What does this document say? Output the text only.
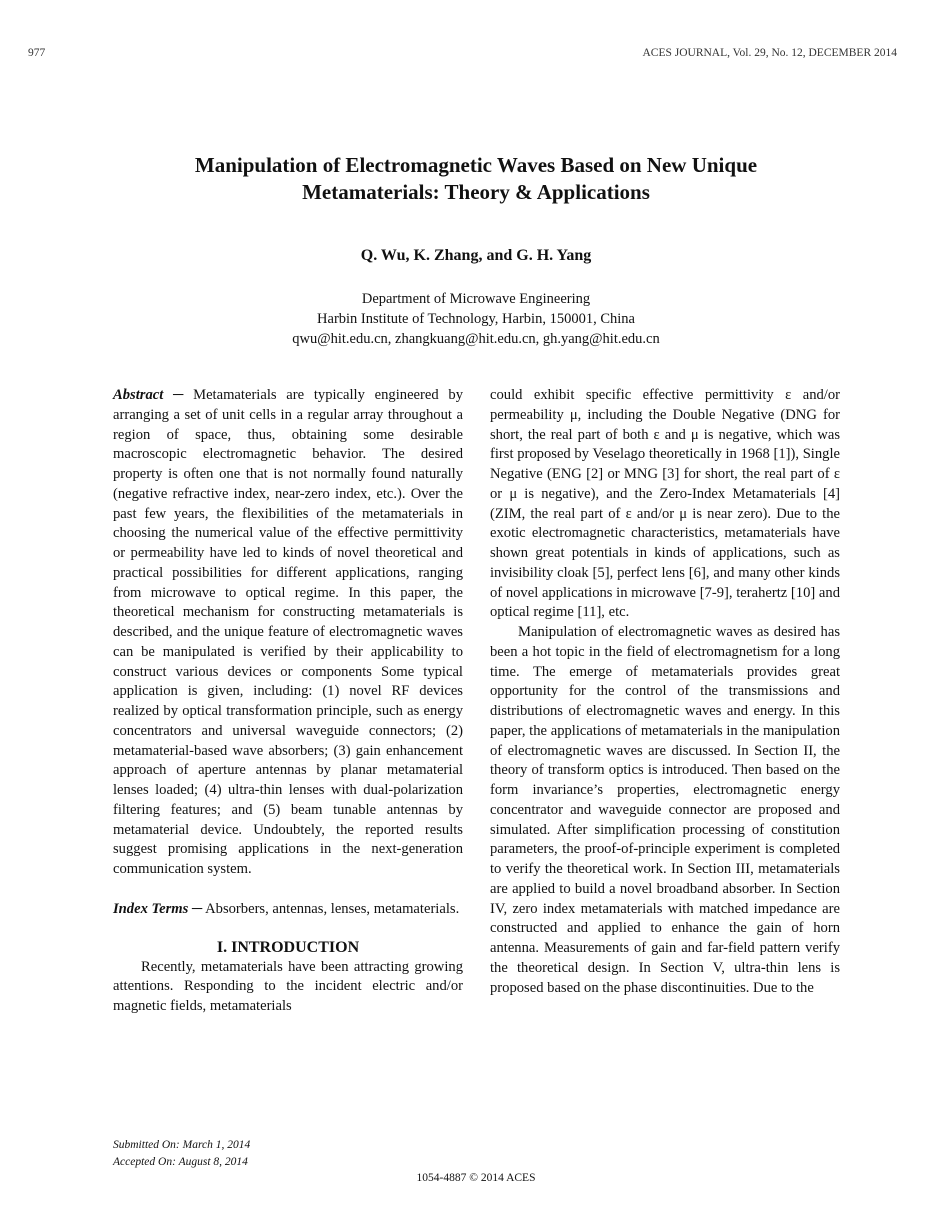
977	ACES JOURNAL, Vol. 29, No. 12, DECEMBER 2014
Manipulation of Electromagnetic Waves Based on New Unique
Metamaterials: Theory & Applications
Q. Wu, K. Zhang, and G. H. Yang
Department of Microwave Engineering
Harbin Institute of Technology, Harbin, 150001, China
qwu@hit.edu.cn, zhangkuang@hit.edu.cn, gh.yang@hit.edu.cn

Abstract ─ Metamaterials are typically engineered by arranging a set of unit cells in a regular array throughout a region of space, thus, obtaining some desirable macroscopic electromagnetic behavior. The desired property is often one that is not normally found naturally (negative refractive index, near-zero index, etc.). Over the past few years, the flexibilities of the metamaterials in choosing the numerical value of the effective permittivity or permeability have led to kinds of novel theoretical and practical possibilities for different applications, ranging from microwave to optical regime. In this paper, the theoretical mechanism for constructing metamaterials is described, and the unique feature of electromagnetic waves can be manipulated is verified by their applicability to construct various devices or components Some typical application is given, including: (1) novel RF devices realized by optical transformation principle, such as energy concentrators and universal waveguide connectors; (2) metamaterial-based wave absorbers; (3) gain enhancement approach of aperture antennas by planar metamaterial lenses loaded; (4) ultra-thin lenses with dual-polarization filtering features; and (5) beam tunable antennas by metamaterial device. Undoubtely, the reported results suggest promising applications in the next-generation communication system.

Index Terms ─ Absorbers, antennas, lenses, metamaterials.

I. INTRODUCTION

Recently, metamaterials have been attracting growing attentions. Responding to the incident electric and/or magnetic fields, metamaterials

could exhibit specific effective permittivity ε and/or permeability μ, including the Double Negative (DNG for short, the real part of both ε and μ is negative, which was first proposed by Veselago theoretically in 1968 [1]), Single Negative (ENG [2] or MNG [3] for short, the real part of ε or μ is negative), and the Zero-Index Metamaterials [4] (ZIM, the real part of ε and/or μ is near zero). Due to the exotic electromagnetic characteristics, metamaterials have shown great potentials in kinds of applications, such as invisibility cloak [5], perfect lens [6], and many other kinds of novel applications in microwave [7-9], terahertz [10] and optical regime [11], etc.

Manipulation of electromagnetic waves as desired has been a hot topic in the field of electromagnetism for a long time. The emerge of metamaterials provides great opportunity for the control of the transmissions and distributions of electromagnetic waves and energy. In this paper, the applications of metamaterials in the manipulation of electromagnetic waves are discussed. In Section II, the theory of transform optics is introduced. Then based on the form invariance’s properties, electromagnetic energy concentrator and waveguide connector are proposed and simulated. After simplification processing of constitution parameters, the proof-of-principle experiment is completed to verify the theoretical work. In Section III, metamaterials are applied to build a novel broadband absorber. In Section IV, zero index metamaterials with matched impedance are constructed and applied to enhance the gain of horn antenna. Measurements of gain and far-field pattern verify the theoretical design. In Section V, ultra-thin lens is proposed based on the phase discontinuities. Due to the

Submitted On: March 1, 2014
Accepted On: August 8, 2014
1054-4887 © 2014 ACES
